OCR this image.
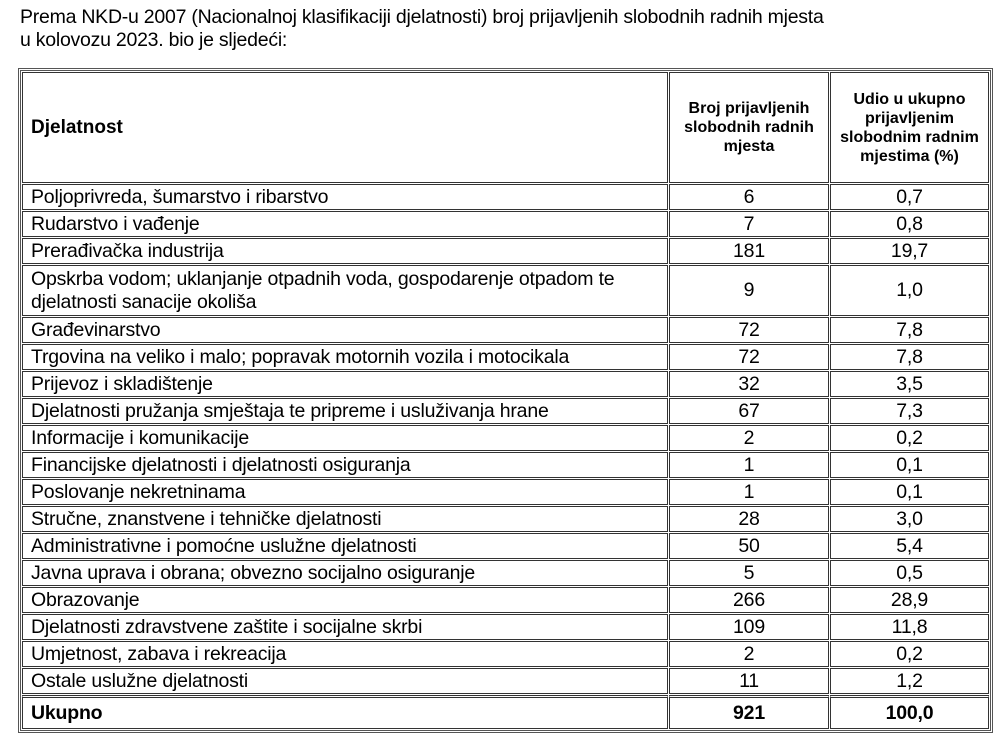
Prema NKD-u 2007 (Nacionalnoj klasifikaciji djelatnosti) broj prijavljenih slobodnih radnih mjesta
u kolovozu 2023. bio je sljedeći:
Djelatnost	Broj prijavljenih slobodnih radnih mjesta	Udio u ukupno prijavljenim slobodnim radnim mjestima (%)
Poljoprivreda, šumarstvo i ribarstvo	6	0,7
Rudarstvo i vađenje	7	0,8
Prerađivačka industrija	181	19,7
Opskrba vodom; uklanjanje otpadnih voda, gospodarenje otpadom te djelatnosti sanacije okoliša	9	1,0
Građevinarstvo	72	7,8
Trgovina na veliko i malo; popravak motornih vozila i motocikala	72	7,8
Prijevoz i skladištenje	32	3,5
Djelatnosti pružanja smještaja te pripreme i usluživanja hrane	67	7,3
Informacije i komunikacije	2	0,2
Financijske djelatnosti i djelatnosti osiguranja	1	0,1
Poslovanje nekretninama	1	0,1
Stručne, znanstvene i tehničke djelatnosti	28	3,0
Administrativne i pomoćne uslužne djelatnosti	50	5,4
Javna uprava i obrana; obvezno socijalno osiguranje	5	0,5
Obrazovanje	266	28,9
Djelatnosti zdravstvene zaštite i socijalne skrbi	109	11,8
Umjetnost, zabava i rekreacija	2	0,2
Ostale uslužne djelatnosti	11	1,2
Ukupno	921	100,0
